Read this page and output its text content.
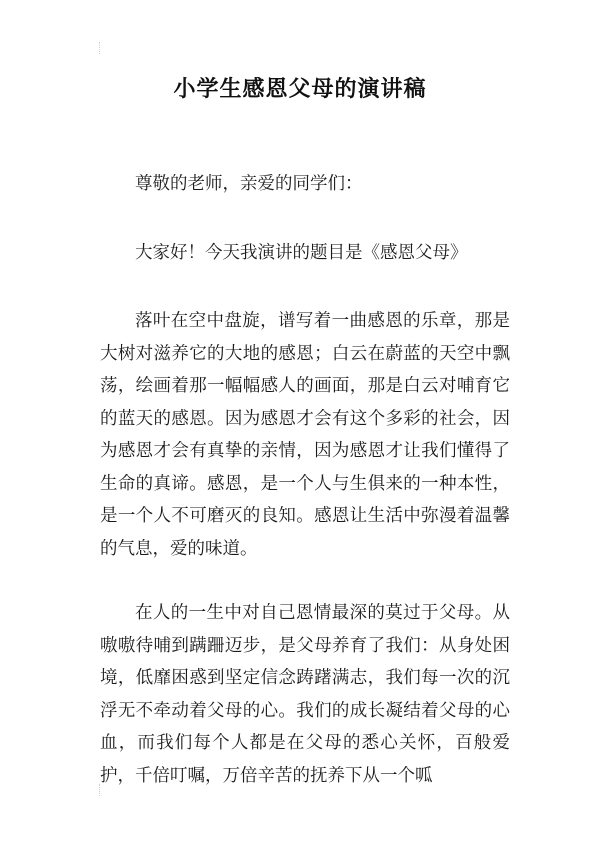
小学生感恩父母的演讲稿

尊敬的老师，亲爱的同学们：

大家好！今天我演讲的题目是《感恩父母》

落叶在空中盘旋，谱写着一曲感恩的乐章，那是大树对滋养它的大地的感恩；白云在蔚蓝的天空中飘荡，绘画着那一幅幅感人的画面，那是白云对哺育它的蓝天的感恩。因为感恩才会有这个多彩的社会，因为感恩才会有真挚的亲情，因为感恩才让我们懂得了生命的真谛。感恩，是一个人与生俱来的一种本性，是一个人不可磨灭的良知。感恩让生活中弥漫着温馨的气息，爱的味道。

在人的一生中对自己恩情最深的莫过于父母。从嗷嗷待哺到蹒跚迈步，是父母养育了我们：从身处困境，低靡困惑到坚定信念踌躇满志，我们每一次的沉浮无不牵动着父母的心。我们的成长凝结着父母的心血，而我们每个人都是在父母的悉心关怀，百般爱护，千倍叮嘱，万倍辛苦的抚养下从一个呱
